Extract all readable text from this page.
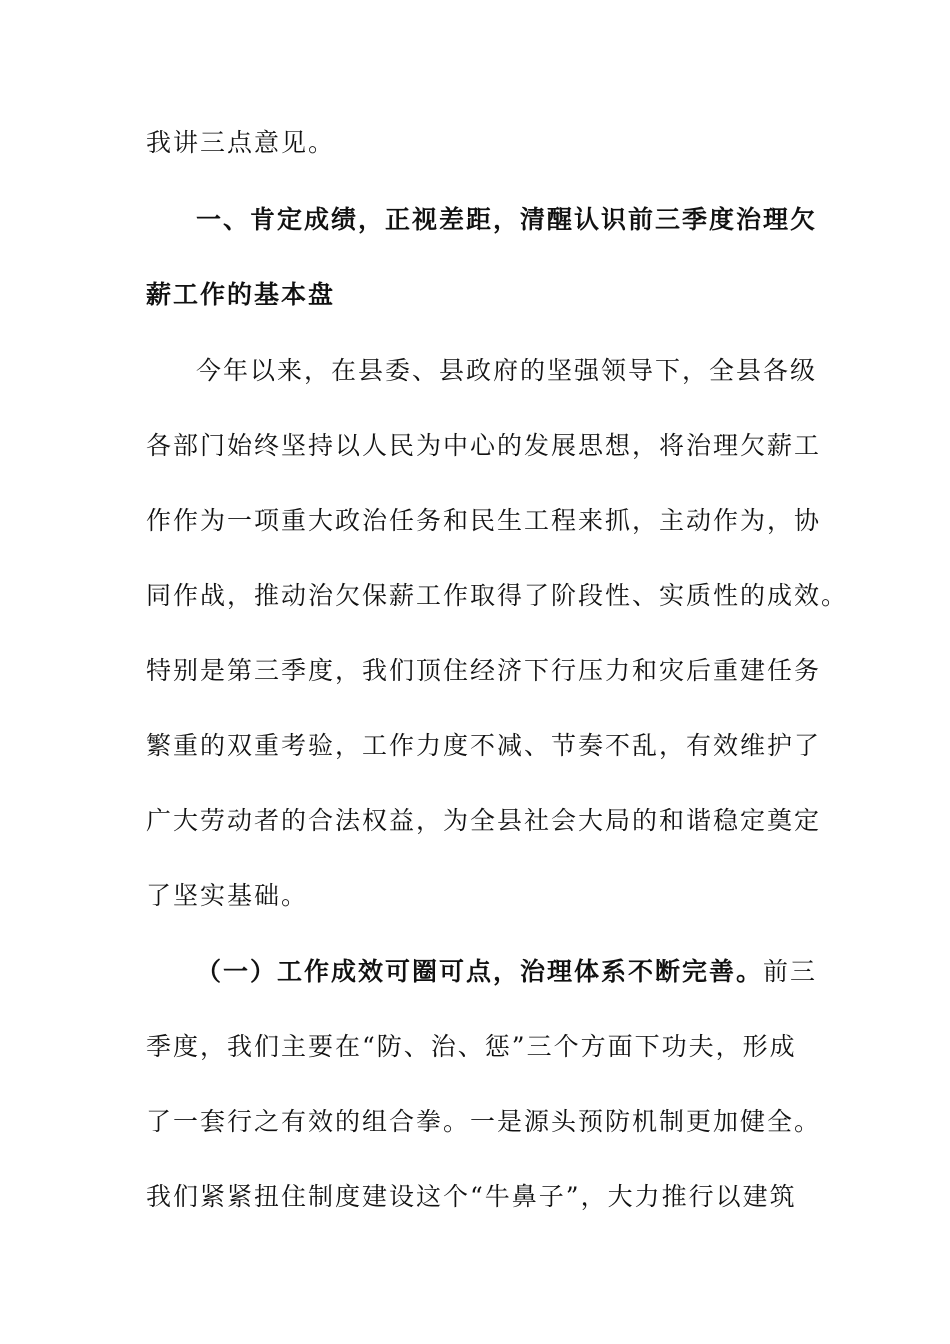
我讲三点意见。
一、肯定成绩，正视差距，清醒认识前三季度治理欠
薪工作的基本盘
今年以来，在县委、县政府的坚强领导下，全县各级
各部门始终坚持以人民为中心的发展思想，将治理欠薪工
作作为一项重大政治任务和民生工程来抓，主动作为，协
同作战，推动治欠保薪工作取得了阶段性、实质性的成效。
特别是第三季度，我们顶住经济下行压力和灾后重建任务
繁重的双重考验，工作力度不减、节奏不乱，有效维护了
广大劳动者的合法权益，为全县社会大局的和谐稳定奠定
了坚实基础。
（一）工作成效可圈可点，治理体系不断完善。前三
季度，我们主要在“防、治、惩”三个方面下功夫，形成
了一套行之有效的组合拳。一是源头预防机制更加健全。
我们紧紧扭住制度建设这个“牛鼻子”，大力推行以建筑
